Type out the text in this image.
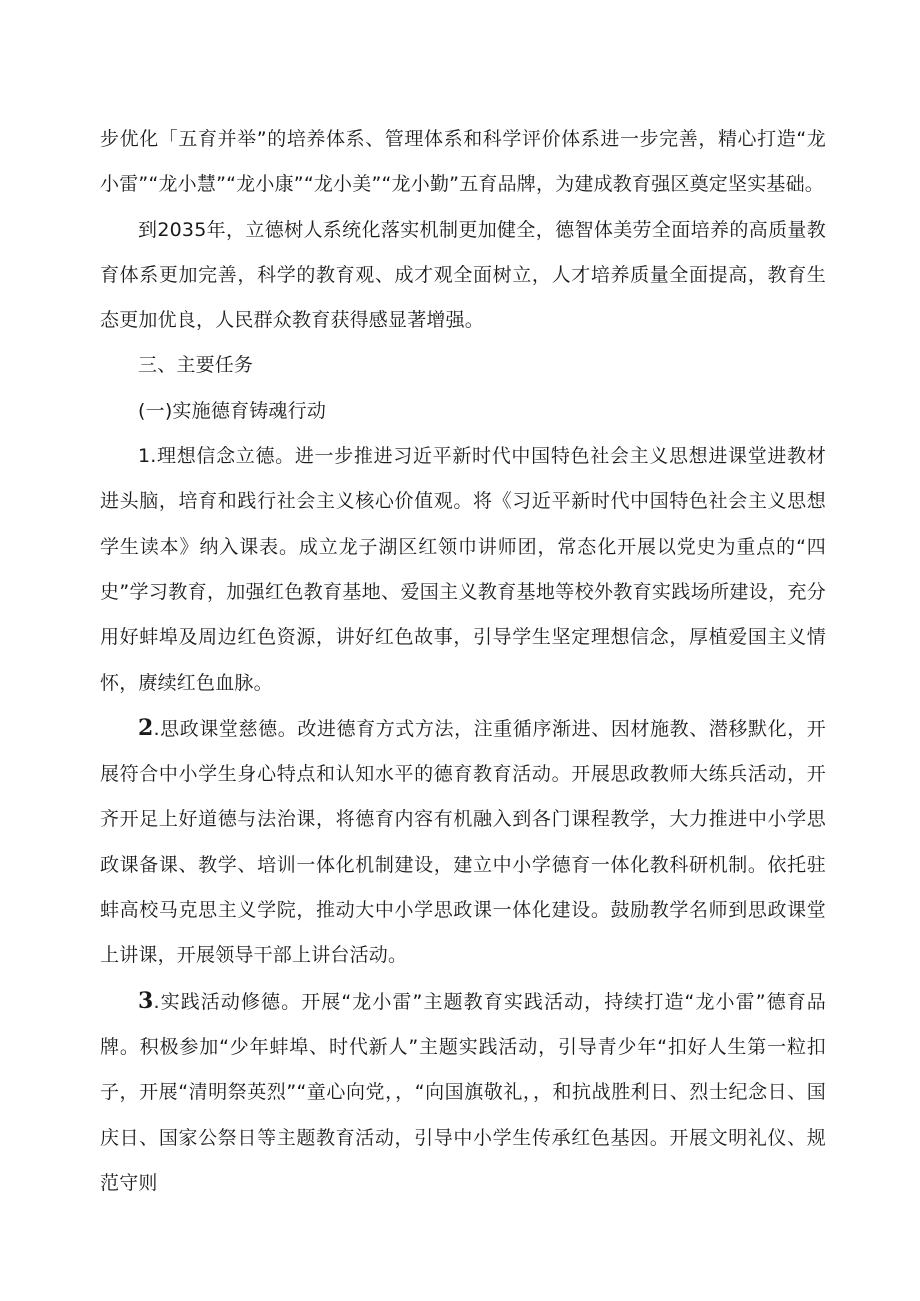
步优化「五育并举”的培养体系、管理体系和科学评价体系进一步完善，精心打造“龙小雷”“龙小慧”“龙小康”“龙小美”“龙小勤”五育品牌，为建成教育强区奠定坚实基础。

到2035年，立德树人系统化落实机制更加健全，德智体美劳全面培养的高质量教育体系更加完善，科学的教育观、成才观全面树立，人才培养质量全面提高，教育生态更加优良，人民群众教育获得感显著增强。

三、主要任务

(一)实施德育铸魂行动

1.理想信念立德。进一步推进习近平新时代中国特色社会主义思想进课堂进教材进头脑，培育和践行社会主义核心价值观。将《习近平新时代中国特色社会主义思想学生读本》纳入课表。成立龙子湖区红领巾讲师团，常态化开展以党史为重点的“四史”学习教育，加强红色教育基地、爱国主义教育基地等校外教育实践场所建设，充分用好蚌埠及周边红色资源，讲好红色故事，引导学生坚定理想信念，厚植爱国主义情怀，赓续红色血脉。

2.思政课堂慈德。改进德育方式方法，注重循序渐进、因材施教、潜移默化，开展符合中小学生身心特点和认知水平的德育教育活动。开展思政教师大练兵活动，开齐开足上好道德与法治课，将德育内容有机融入到各门课程教学，大力推进中小学思政课备课、教学、培训一体化机制建设，建立中小学德育一体化教科研机制。依托驻蚌高校马克思主义学院，推动大中小学思政课一体化建设。鼓励教学名师到思政课堂上讲课，开展领导干部上讲台活动。

3.实践活动修德。开展“龙小雷”主题教育实践活动，持续打造“龙小雷”德育品牌。积极参加“少年蚌埠、时代新人”主题实践活动，引导青少年“扣好人生第一粒扣子，开展“清明祭英烈”“童心向党，，“向国旗敬礼，，和抗战胜利日、烈士纪念日、国庆日、国家公祭日等主题教育活动，引导中小学生传承红色基因。开展文明礼仪、规范守则
